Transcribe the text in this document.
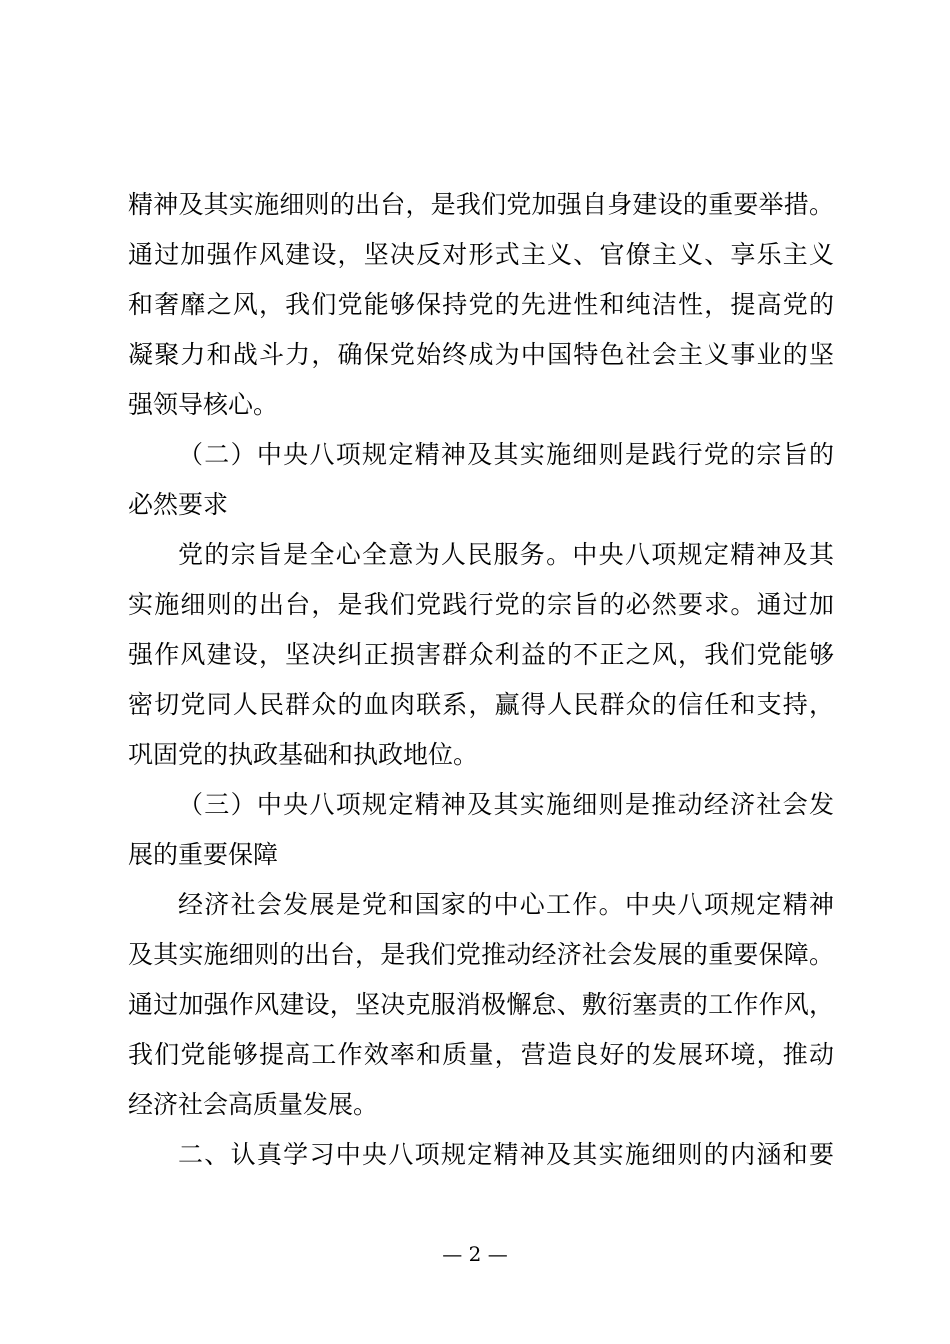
精神及其实施细则的出台，是我们党加强自身建设的重要举措。
通过加强作风建设，坚决反对形式主义、官僚主义、享乐主义
和奢靡之风，我们党能够保持党的先进性和纯洁性，提高党的
凝聚力和战斗力，确保党始终成为中国特色社会主义事业的坚
强领导核心。
（二）中央八项规定精神及其实施细则是践行党的宗旨的
必然要求
党的宗旨是全心全意为人民服务。中央八项规定精神及其
实施细则的出台，是我们党践行党的宗旨的必然要求。通过加
强作风建设，坚决纠正损害群众利益的不正之风，我们党能够
密切党同人民群众的血肉联系，赢得人民群众的信任和支持，
巩固党的执政基础和执政地位。
（三）中央八项规定精神及其实施细则是推动经济社会发
展的重要保障
经济社会发展是党和国家的中心工作。中央八项规定精神
及其实施细则的出台，是我们党推动经济社会发展的重要保障。
通过加强作风建设，坚决克服消极懈怠、敷衍塞责的工作作风，
我们党能够提高工作效率和质量，营造良好的发展环境，推动
经济社会高质量发展。
二、认真学习中央八项规定精神及其实施细则的内涵和要
— 2 —
